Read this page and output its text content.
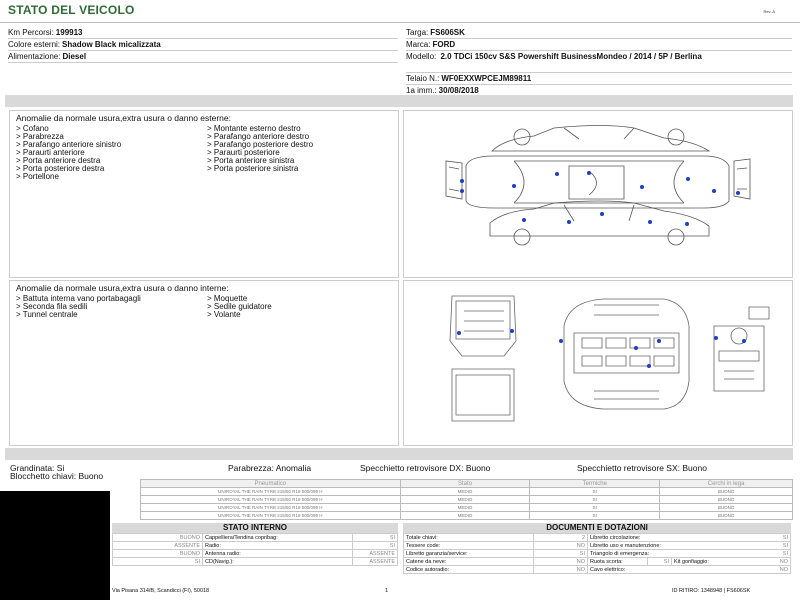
STATO DEL VEICOLO	Rev. A
Km Percorsi: 199913
Colore esterni: Shadow Black micalizzata
Alimentazione: Diesel
Targa: FS606SK
Marca: FORD
Modello: 2.0 TDCi 150cv S&S Powershift BusinessMondeo / 2014 / 5P / Berlina
Telaio N.: WF0EXXWPCEJM89811
1a imm.: 30/08/2018
Anomalie da normale usura,extra usura o danno esterne:
> Cofano
> Parabrezza
> Parafango anteriore sinistro
> Paraurti anteriore
> Porta anteriore destra
> Porta posteriore destra
> Portellone
> Montante esterno destro
> Parafango anteriore destro
> Parafango posteriore destro
> Paraurti posteriore
> Porta anteriore sinistra
> Porta posteriore sinistra
Anomalie da normale usura,extra usura o danno interne:
> Battuta interna vano portabagagli
> Seconda fila sedili
> Tunnel centrale
> Moquette
> Sedile guidatore
> Volante
Grandinata: Si	Parabrezza: Anomalia	Specchietto retrovisore DX: Buono	Specchietto retrovisore SX: Buono
Blocchetto chiavi: Buono
Pneumatico	Stato	Termiche	Cerchi in lega
UNIROYAL THE RAIN TYRE 215/50 R18 000/099 H	MEDIO	SI	BUONO
UNIROYAL THE RAIN TYRE 215/50 R18 000/099 H	MEDIO	SI	BUONO
UNIROYAL THE RAIN TYRE 215/50 R18 000/099 H	MEDIO	SI	BUONO
UNIROYAL THE RAIN TYRE 215/50 R18 000/099 H	MEDIO	SI	BUONO
STATO INTERNO
BUONO	Cappelliera/Tendina copribag:	SI
ASSENTE	Radio:	SI
BUONO	Antenna radio:	ASSENTE
SI	CD(Navig.):	ASSENTE
DOCUMENTI E DOTAZIONI
Totale chiavi:	2	Libretto circolazione: SI		

Tessere code:	NO	Libretto uso e manutenzione: SI		

Libretto garanzia/service:	SI	Triangolo di emergenza: SI		

Catene da neve:	NO	Ruota scorta:	SI	Kit gonfiaggio: NO

Codice autoradio:	NO	Cavo elettrico: NO		
Via Pisana 314/B, Scandicci (FI), 50018	1	ID RITIRO: 1348948 | FS606SK
